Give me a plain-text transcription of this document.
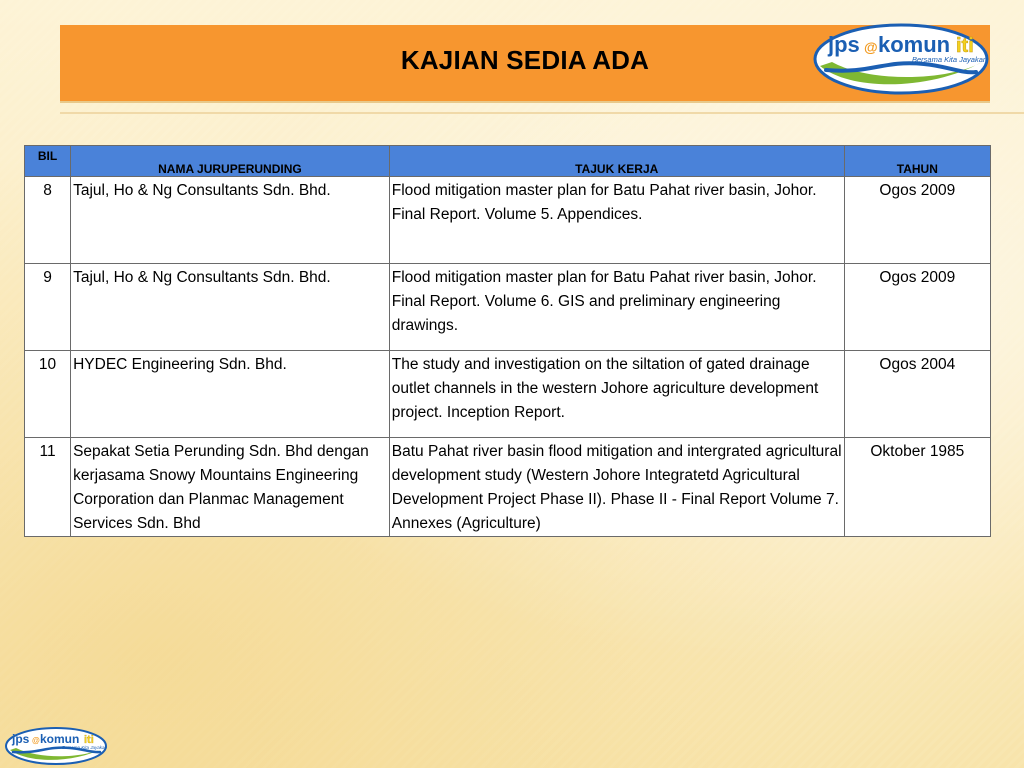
KAJIAN SEDIA ADA
jps @ komun iti
Bersama Kita Jayakan
BIL	NAMA JURUPERUNDING	TAJUK KERJA	TAHUN
8	Tajul, Ho & Ng Consultants Sdn. Bhd.	Flood mitigation master plan for Batu Pahat river basin, Johor. Final Report. Volume 5. Appendices.	Ogos 2009
9	Tajul, Ho & Ng Consultants Sdn. Bhd.	Flood mitigation master plan for Batu Pahat river basin, Johor. Final Report. Volume 6. GIS and preliminary engineering drawings.	Ogos 2009
10	HYDEC Engineering Sdn. Bhd.	The study and investigation on the siltation of gated drainage outlet channels in the western Johore agriculture development project. Inception Report.	Ogos 2004
11	Sepakat Setia Perunding Sdn. Bhd dengan kerjasama Snowy Mountains Engineering Corporation dan Planmac Management Services Sdn. Bhd	Batu Pahat river basin flood mitigation and intergrated agricultural development study (Western Johore Integratetd Agricultural Development Project Phase II). Phase II - Final Report Volume 7. Annexes (Agriculture)	Oktober 1985
jps @ komun iti
Bersama Kita Jayakan
